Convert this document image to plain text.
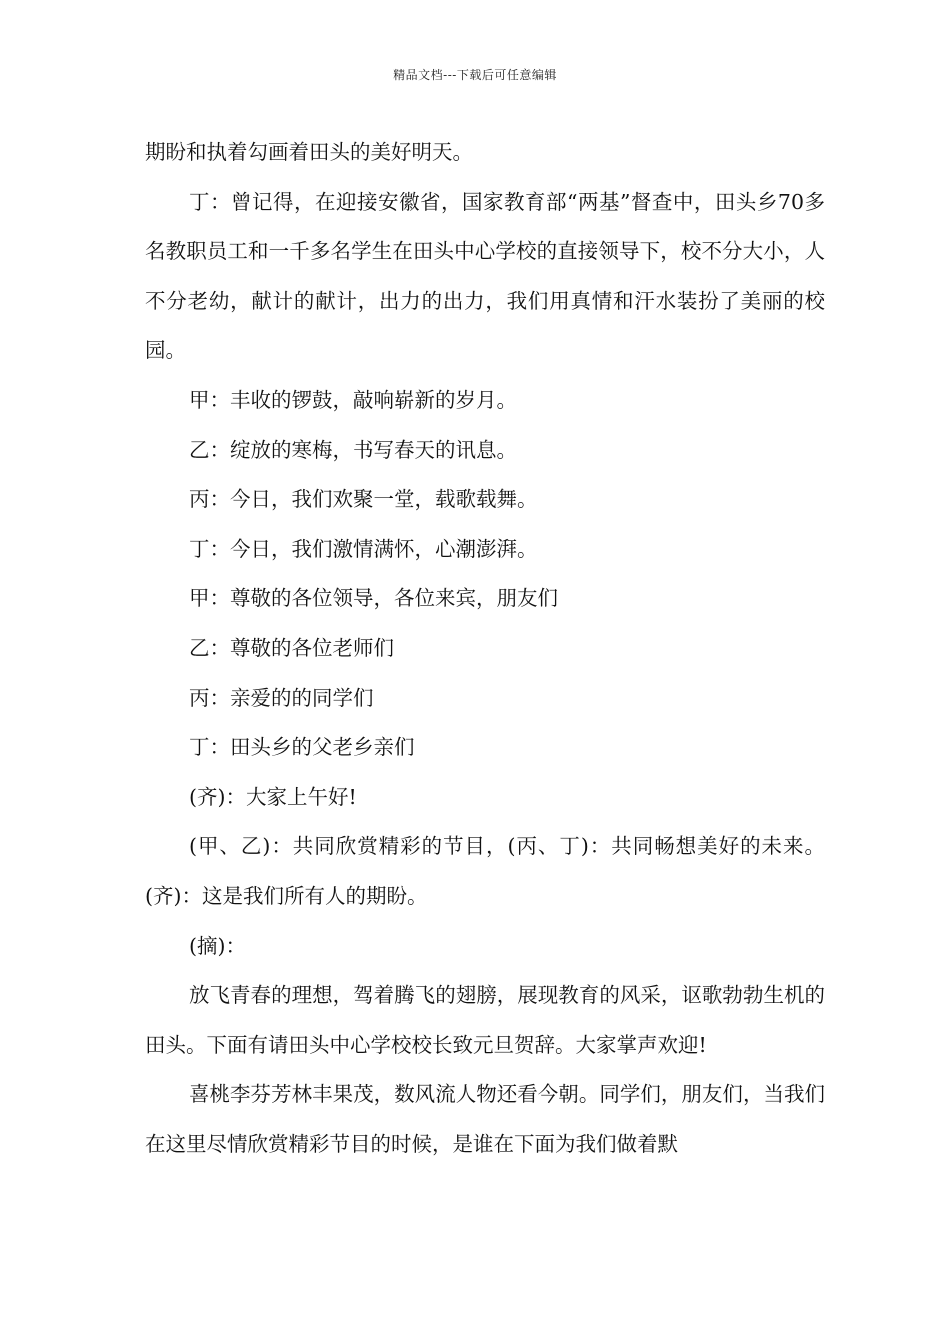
精品文档---下载后可任意编辑

期盼和执着勾画着田头的美好明天。

丁：曾记得，在迎接安徽省，国家教育部“两基”督查中，田头乡70多名教职员工和一千多名学生在田头中心学校的直接领导下，校不分大小，人不分老幼，献计的献计，出力的出力，我们用真情和汗水装扮了美丽的校园。

甲：丰收的锣鼓，敲响崭新的岁月。

乙：绽放的寒梅，书写春天的讯息。

丙：今日，我们欢聚一堂，载歌载舞。

丁：今日，我们激情满怀，心潮澎湃。

甲：尊敬的各位领导，各位来宾，朋友们

乙：尊敬的各位老师们

丙：亲爱的的同学们

丁：田头乡的父老乡亲们

(齐)：大家上午好!

(甲、乙)：共同欣赏精彩的节目，(丙、丁)：共同畅想美好的未来。(齐)：这是我们所有人的期盼。

(摘)：

放飞青春的理想，驾着腾飞的翅膀，展现教育的风采，讴歌勃勃生机的田头。下面有请田头中心学校校长致元旦贺辞。大家掌声欢迎!

喜桃李芬芳林丰果茂，数风流人物还看今朝。同学们，朋友们，当我们在这里尽情欣赏精彩节目的时候，是谁在下面为我们做着默
